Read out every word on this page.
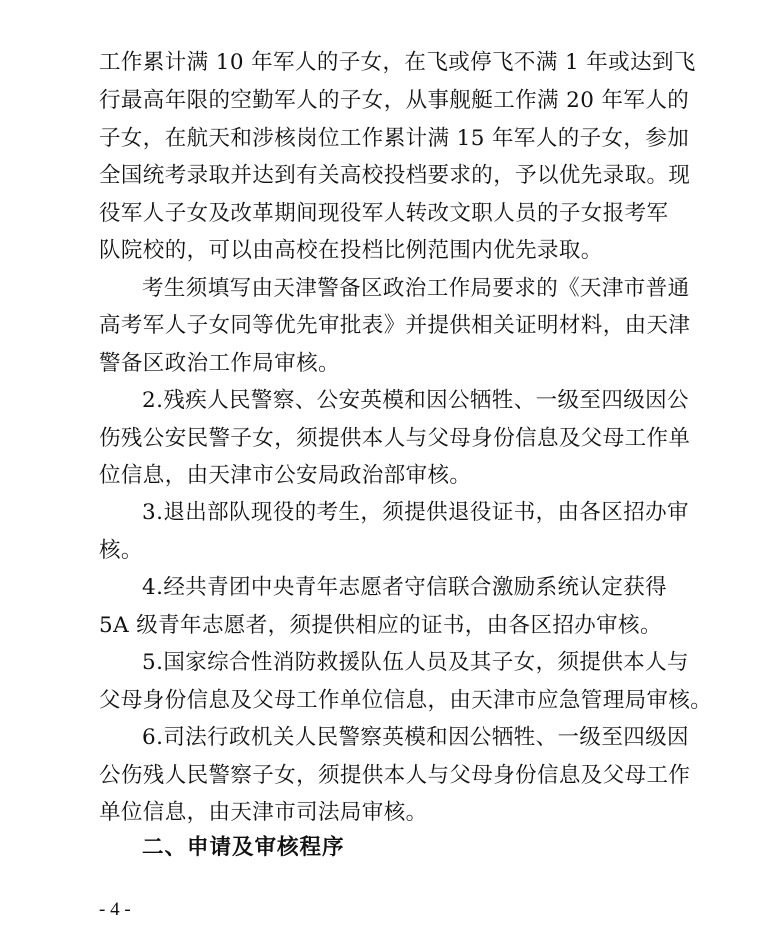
工作累计满 10 年军人的子女，在飞或停飞不满 1 年或达到飞
行最高年限的空勤军人的子女，从事舰艇工作满 20 年军人的
子女，在航天和涉核岗位工作累计满 15 年军人的子女，参加
全国统考录取并达到有关高校投档要求的，予以优先录取。现
役军人子女及改革期间现役军人转改文职人员的子女报考军
队院校的，可以由高校在投档比例范围内优先录取。
考生须填写由天津警备区政治工作局要求的《天津市普通
高考军人子女同等优先审批表》并提供相关证明材料，由天津
警备区政治工作局审核。
2.残疾人民警察、公安英模和因公牺牲、一级至四级因公
伤残公安民警子女，须提供本人与父母身份信息及父母工作单
位信息，由天津市公安局政治部审核。
3.退出部队现役的考生，须提供退役证书，由各区招办审
核。
4.经共青团中央青年志愿者守信联合激励系统认定获得
5A 级青年志愿者，须提供相应的证书，由各区招办审核。
5.国家综合性消防救援队伍人员及其子女，须提供本人与
父母身份信息及父母工作单位信息，由天津市应急管理局审核。
6.司法行政机关人民警察英模和因公牺牲、一级至四级因
公伤残人民警察子女，须提供本人与父母身份信息及父母工作
单位信息，由天津市司法局审核。
二、申请及审核程序
- 4 -
